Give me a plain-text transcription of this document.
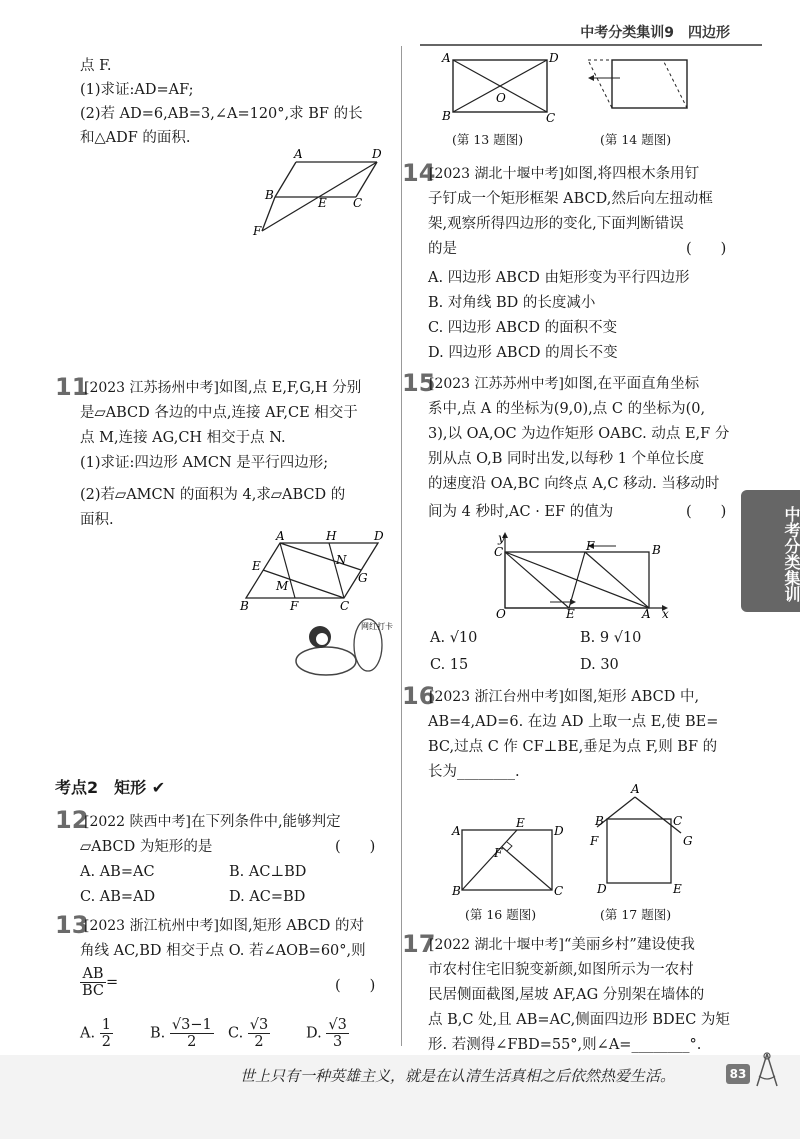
中考分类集训9　四边形
中考分类集训
点 F.
(1)求证:AD=AF;
(2)若 AD=6,AB=3,∠A=120°,求 BF 的长
和△ADF 的面积.
A	D
B
E C
F
11
[2023 江苏扬州中考]如图,点 E,F,G,H 分别
是▱ABCD 各边的中点,连接 AF,CE 相交于
点 M,连接 AG,CH 相交于点 N.
(1)求证:四边形 AMCN 是平行四边形;
(2)若▱AMCN 的面积为 4,求▱ABCD 的
面积.
A	H	D
N
E
G
M
B	F	C
网红打卡
考点2　矩形 ✔
12
[2022 陕西中考]在下列条件中,能够判定
▱ABCD 为矩形的是	(　　)
A. AB=AC	B. AC⊥BD
C. AB=AD	D. AC=BD
13
[2023 浙江杭州中考]如图,矩形 ABCD 的对
角线 AC,BD 相交于点 O. 若∠AOB=60°,则
$\frac{AB}{BC}$ =	(　　)
A. $\frac{1}{2}$	B. $\frac{√3-1}{2} C$. $\frac{√3}{2} D$. $\frac{√3}{3}$
A	D
O
B	C
(第 13 题图)	(第 14 题图)
14
[2023 湖北十堰中考]如图,将四根木条用钉
子钉成一个矩形框架 ABCD,然后向左扭动框
架,观察所得四边形的变化,下面判断错误
的是	(　　)
A. 四边形 ABCD 由矩形变为平行四边形
B. 对角线 BD 的长度减小
C. 四边形 ABCD 的面积不变
D. 四边形 ABCD 的周长不变
15
[2023 江苏苏州中考]如图,在平面直角坐标
系中,点 A 的坐标为(9,0),点 C 的坐标为(0,
3),以 OA,OC 为边作矩形 OABC. 动点 E,F 分
别从点 O,B 同时出发,以每秒 1 个单位长度
的速度沿 OA,BC 向终点 A,C 移动. 当移动时
间为 4 秒时,AC · EF 的值为	(　　)
y
C	F	B
O	E	A x
A. √10	B. 9 √10
C. 15	D. 30
16
[2023 浙江台州中考]如图,矩形 ABCD 中,
AB=4,AD=6. 在边 AD 上取一点 E,使 BE=
BC,过点 C 作 CF⊥BE,垂足为点 F,则 BF 的
长为________.
A
E
D
F
B	C
(第 16 题图)
A
B	C
F	G
D	E
(第 17 题图)
17
[2022 湖北十堰中考]“美丽乡村”建设使我
市农村住宅旧貌变新颜,如图所示为一农村
民居侧面截图,屋坡 AF,AG 分别架在墙体的
点 B,C 处,且 AB=AC,侧面四边形 BDEC 为矩
形. 若测得∠FBD=55°,则∠A=________°.
世上只有一种英雄主义，就是在认清生活真相之后依然热爱生活。	83
